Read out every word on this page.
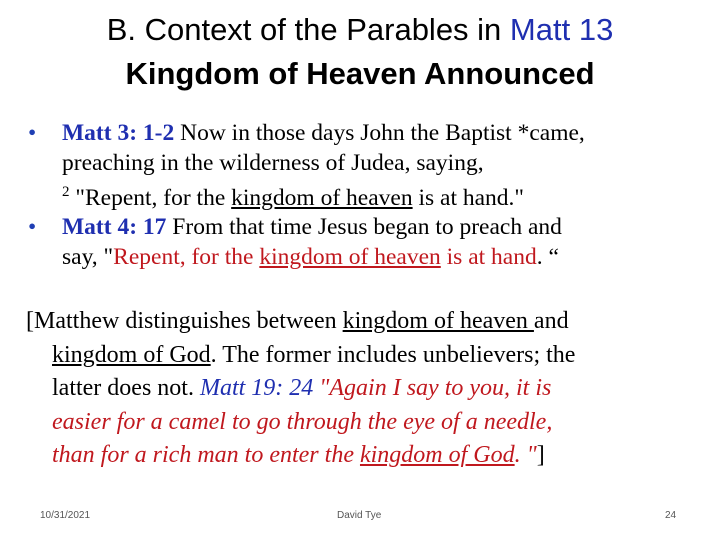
B. Context of the Parables in Matt 13
Kingdom of Heaven Announced
• Matt 3: 1-2 Now in those days John the Baptist *came,
preaching in the wilderness of Judea, saying,
$^2$ "Repent, for the kingdom of heaven is at hand."
• Matt 4: 17 From that time Jesus began to preach and
say, "Repent, for the kingdom of heaven is at hand. “
[Matthew distinguishes between kingdom of heaven and
kingdom of God. The former includes unbelievers; the
latter does not. Matt 19: 24 "Again I say to you, it is
easier for a camel to go through the eye of a needle,
than for a rich man to enter the kingdom of God. "]
10/31/2021	David Tye	24
